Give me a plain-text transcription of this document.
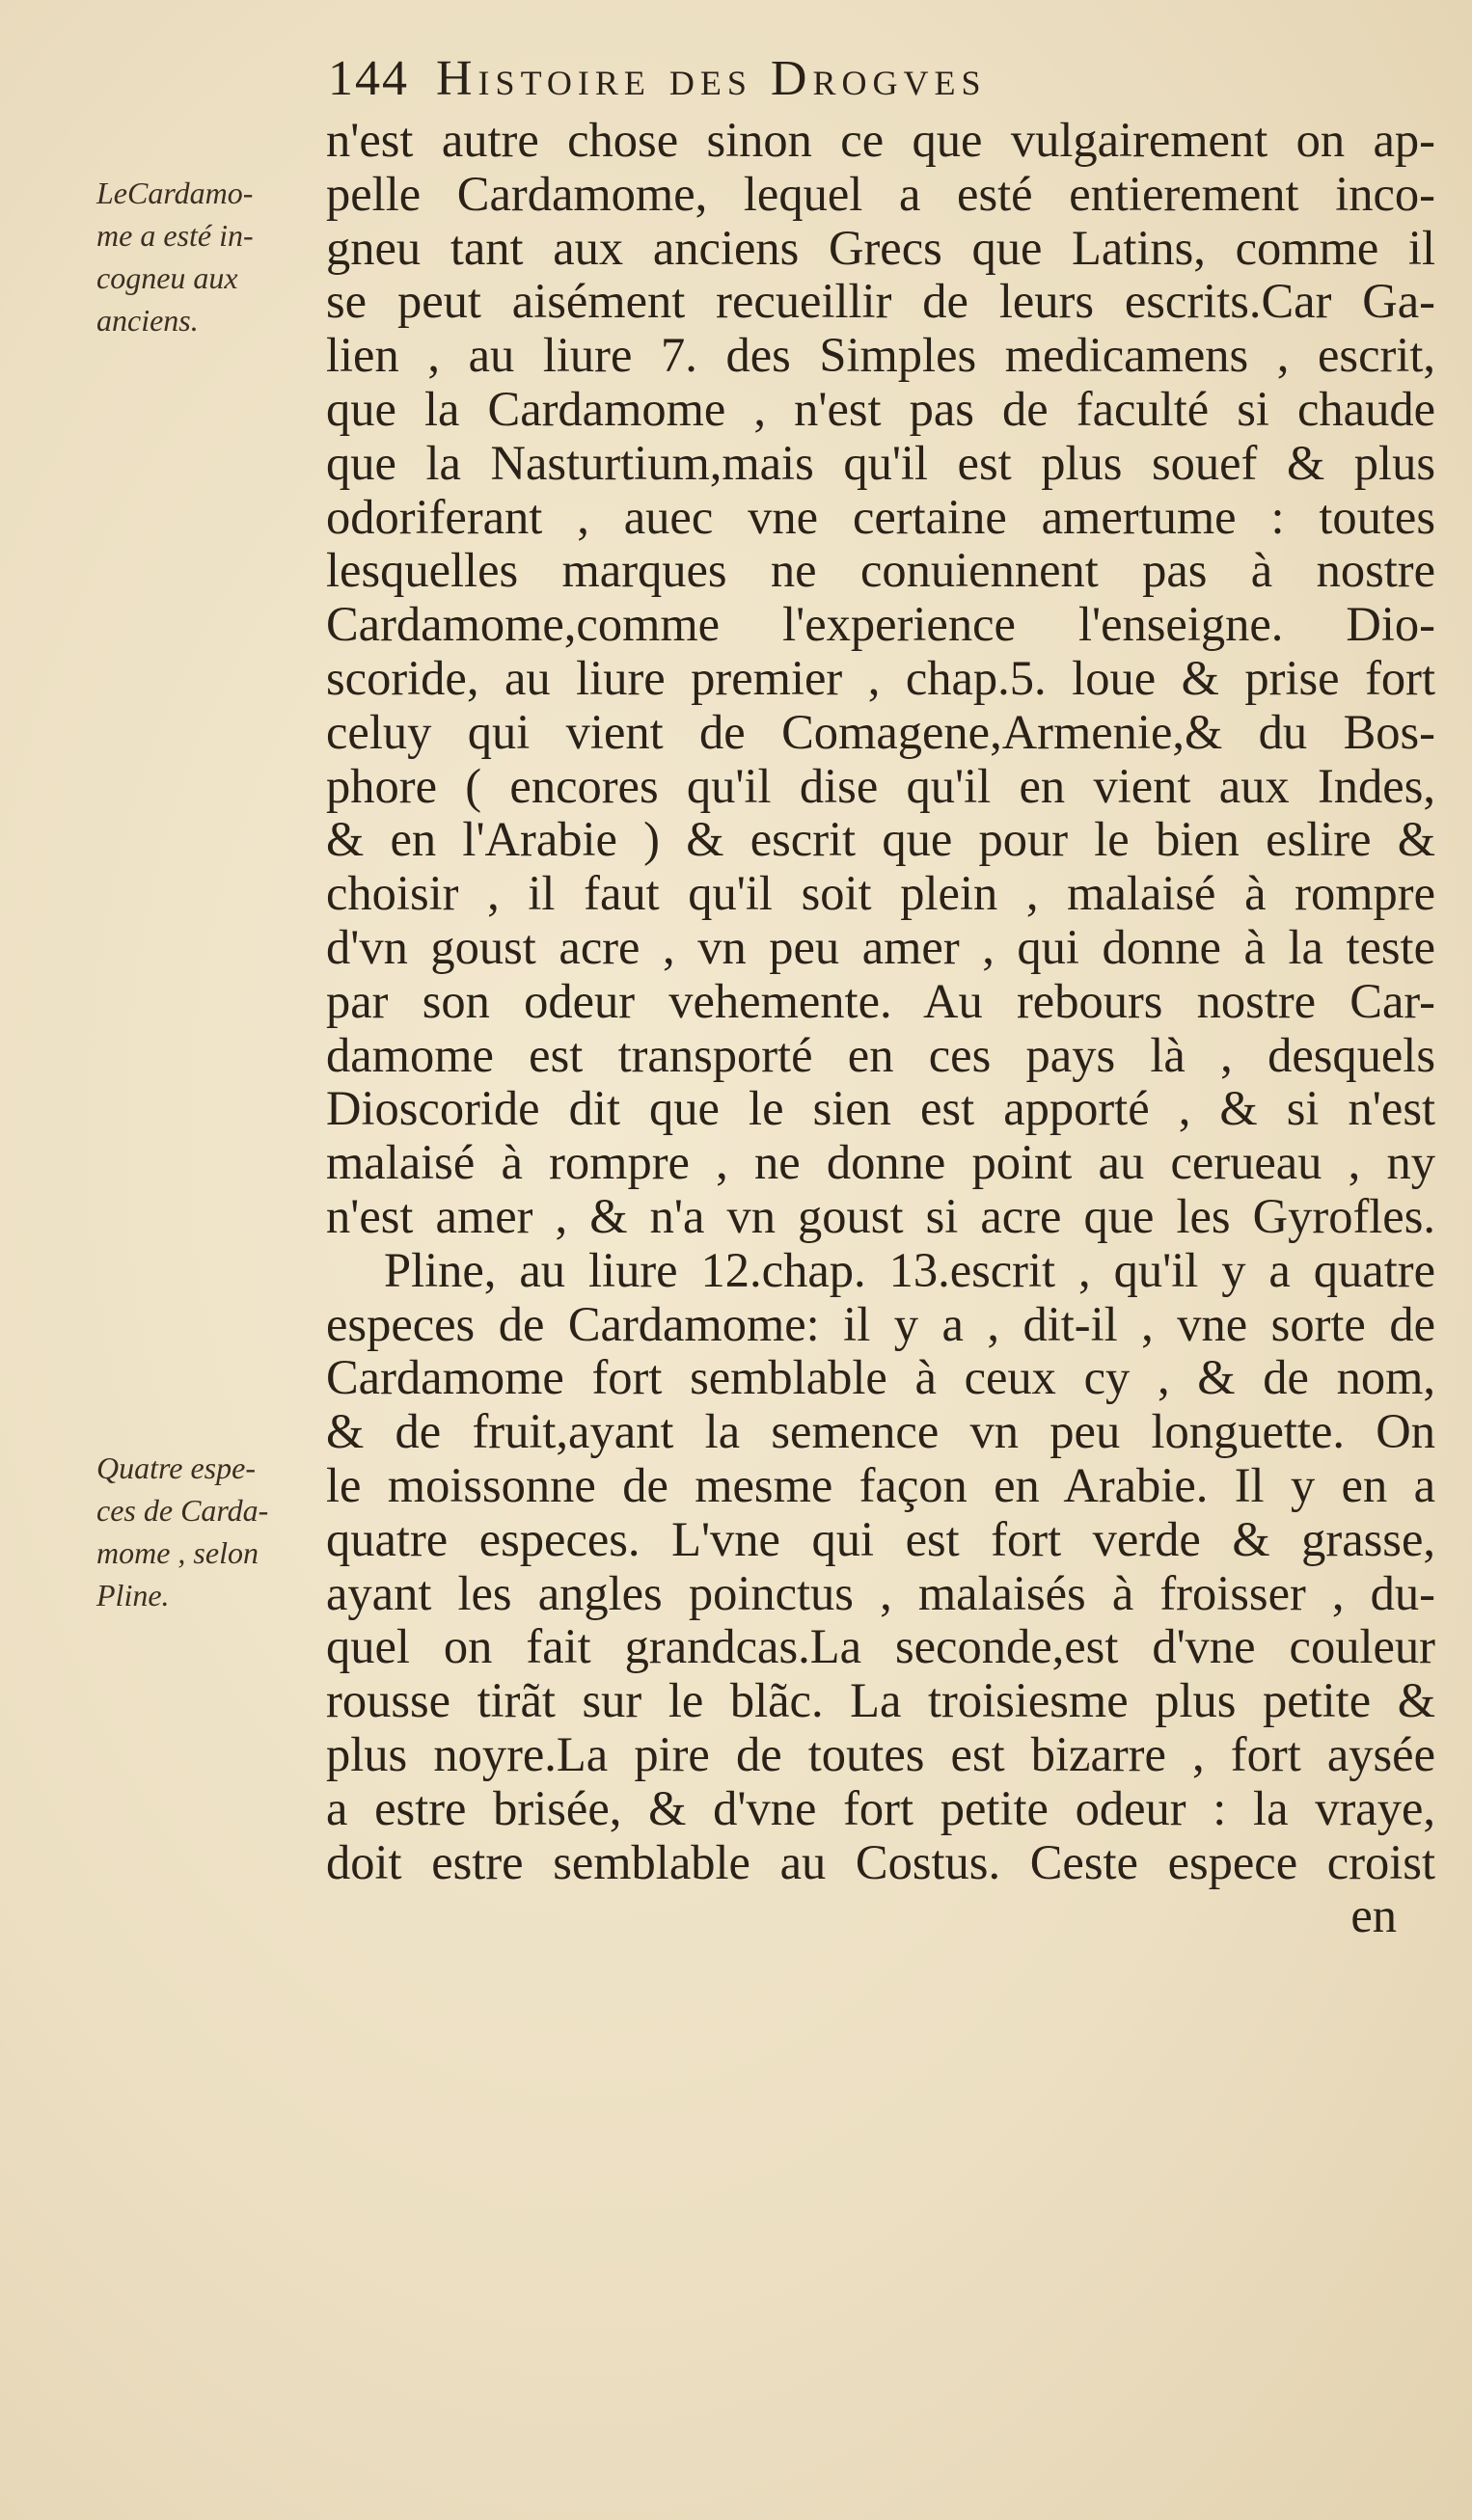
144 Histoire des Drogves
LeCardamo-
me a esté in-
cogneu aux
anciens.
Quatre espe-
ces de Carda-
mome , selon
Pline.
n'est autre chose sinon ce que vulgairement on ap-
pelle Cardamome, lequel a esté entierement inco-
gneu tant aux anciens Grecs que Latins, comme il
se peut aisément recueillir de leurs escrits.Car Ga-
lien , au liure 7. des Simples medicamens , escrit,
que la Cardamome , n'est pas de faculté si chaude
que la Nasturtium,mais qu'il est plus souef & plus
odoriferant , auec vne certaine amertume : toutes
lesquelles marques ne conuiennent pas à nostre
Cardamome,comme l'experience l'enseigne. Dio-
scoride, au liure premier , chap.5. loue & prise fort
celuy qui vient de Comagene,Armenie,& du Bos-
phore ( encores qu'il dise qu'il en vient aux Indes,
& en l'Arabie ) & escrit que pour le bien eslire &
choisir , il faut qu'il soit plein , malaisé à rompre
d'vn goust acre , vn peu amer , qui donne à la teste
par son odeur vehemente. Au rebours nostre Car-
damome est transporté en ces pays là , desquels
Dioscoride dit que le sien est apporté , & si n'est
malaisé à rompre , ne donne point au cerueau , ny
n'est amer , & n'a vn goust si acre que les Gyrofles.
Pline, au liure 12.chap. 13.escrit , qu'il y a quatre
especes de Cardamome: il y a , dit-il , vne sorte de
Cardamome fort semblable à ceux cy , & de nom,
& de fruit,ayant la semence vn peu longuette. On
le moissonne de mesme façon en Arabie. Il y en a
quatre especes. L'vne qui est fort verde & grasse,
ayant les angles poinctus , malaisés à froisser , du-
quel on fait grandcas.La seconde,est d'vne couleur
rousse tirãt sur le blãc. La troisiesme plus petite &
plus noyre.La pire de toutes est bizarre , fort aysée
a estre brisée, & d'vne fort petite odeur : la vraye,
doit estre semblable au Costus. Ceste espece croist
en
